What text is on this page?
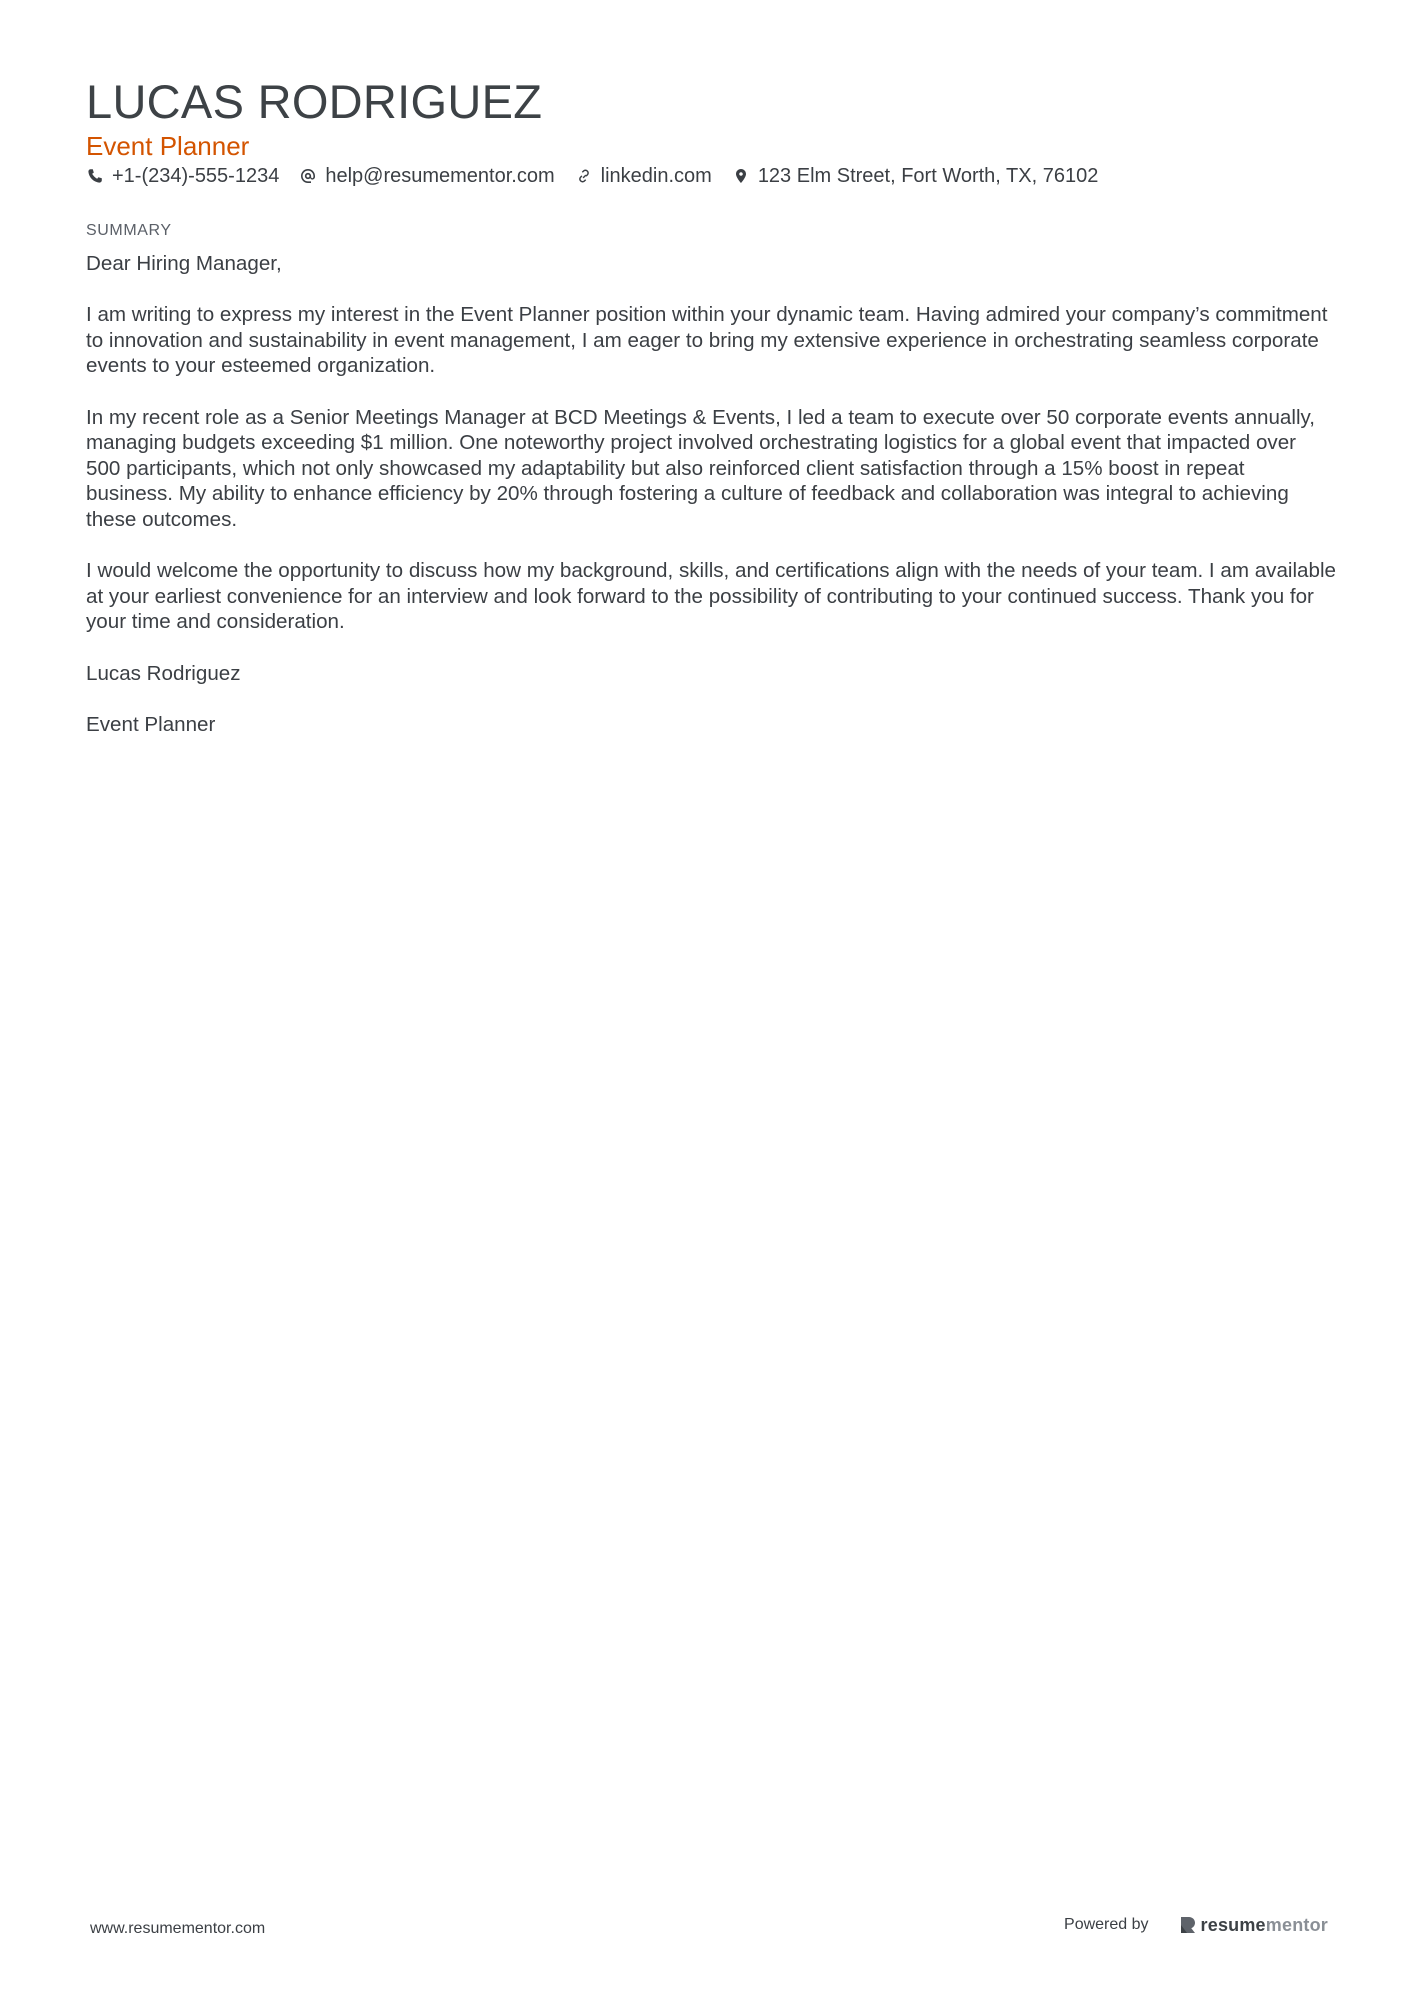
LUCAS RODRIGUEZ
Event Planner
+1-(234)-555-1234 help@resumementor.com linkedin.com 123 Elm Street, Fort Worth, TX, 76102
SUMMARY

Dear Hiring Manager,

I am writing to express my interest in the Event Planner position within your dynamic team. Having admired your company’s commitment to innovation and sustainability in event management, I am eager to bring my extensive experience in orchestrating seamless corporate events to your esteemed organization.

In my recent role as a Senior Meetings Manager at BCD Meetings & Events, I led a team to execute over 50 corporate events annually, managing budgets exceeding $1 million. One noteworthy project involved orchestrating logistics for a global event that impacted over 500 participants, which not only showcased my adaptability but also reinforced client satisfaction through a 15% boost in repeat business. My ability to enhance efficiency by 20% through fostering a culture of feedback and collaboration was integral to achieving these outcomes.

I would welcome the opportunity to discuss how my background, skills, and certifications align with the needs of your team. I am available at your earliest convenience for an interview and look forward to the possibility of contributing to your continued success. Thank you for your time and consideration.

Lucas Rodriguez

Event Planner

www.resumementor.com	Powered by	resume mentor
